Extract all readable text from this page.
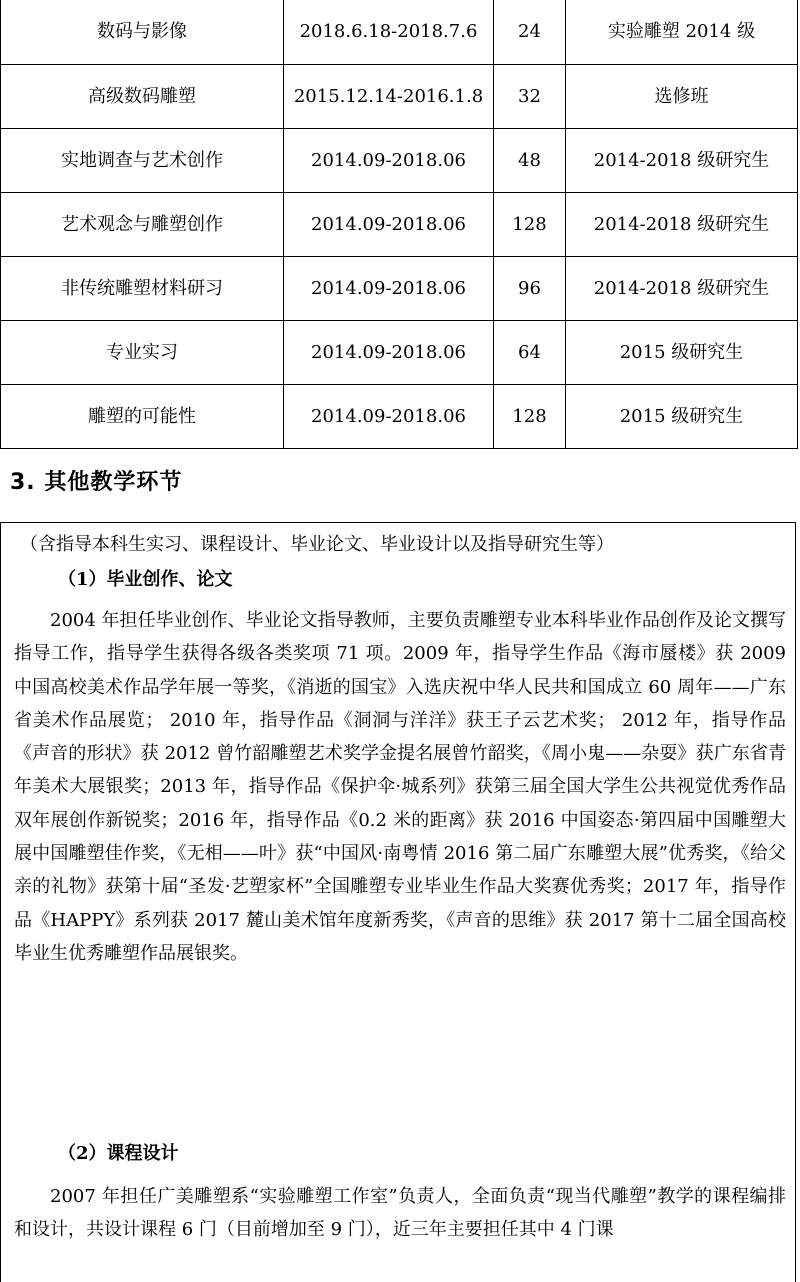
数码与影像	2018.6.18-2018.7.6	24	实验雕塑 2014 级
高级数码雕塑	2015.12.14-2016.1.8	32	选修班
实地调查与艺术创作	2014.09-2018.06	48	2014-2018 级研究生
艺术观念与雕塑创作	2014.09-2018.06	128	2014-2018 级研究生
非传统雕塑材料研习	2014.09-2018.06	96	2014-2018 级研究生
专业实习	2014.09-2018.06	64	2015 级研究生
雕塑的可能性	2014.09-2018.06	128	2015 级研究生
3. 其他教学环节
（含指导本科生实习、课程设计、毕业论文、毕业设计以及指导研究生等）
（1）毕业创作、论文
2004 年担任毕业创作、毕业论文指导教师，主要负责雕塑专业本科毕业作品创作及论文撰写指导工作，指导学生获得各级各类奖项 71 项。2009 年，指导学生作品《海市蜃楼》获 2009 中国高校美术作品学年展一等奖，《消逝的国宝》入选庆祝中华人民共和国成立 60 周年——广东省美术作品展览； 2010 年，指导作品《洞洞与洋洋》获王子云艺术奖； 2012 年，指导作品《声音的形状》获 2012 曾竹韶雕塑艺术奖学金提名展曾竹韶奖，《周小鬼——杂耍》获广东省青年美术大展银奖；2013 年，指导作品《保护伞·城系列》获第三届全国大学生公共视觉优秀作品双年展创作新锐奖；2016 年，指导作品《0.2 米的距离》获 2016 中国姿态·第四届中国雕塑大展中国雕塑佳作奖，《无相——叶》获“中国风·南粤情 2016 第二届广东雕塑大展”优秀奖，《给父亲的礼物》获第十届“圣发·艺塑家杯”全国雕塑专业毕业生作品大奖赛优秀奖；2017 年，指导作品《HAPPY》系列获 2017 麓山美术馆年度新秀奖，《声音的思维》获 2017 第十二届全国高校毕业生优秀雕塑作品展银奖。
（2）课程设计
2007 年担任广美雕塑系“实验雕塑工作室”负责人，全面负责“现当代雕塑”教学的课程编排和设计，共设计课程 6 门（目前增加至 9 门），近三年主要担任其中 4 门课
